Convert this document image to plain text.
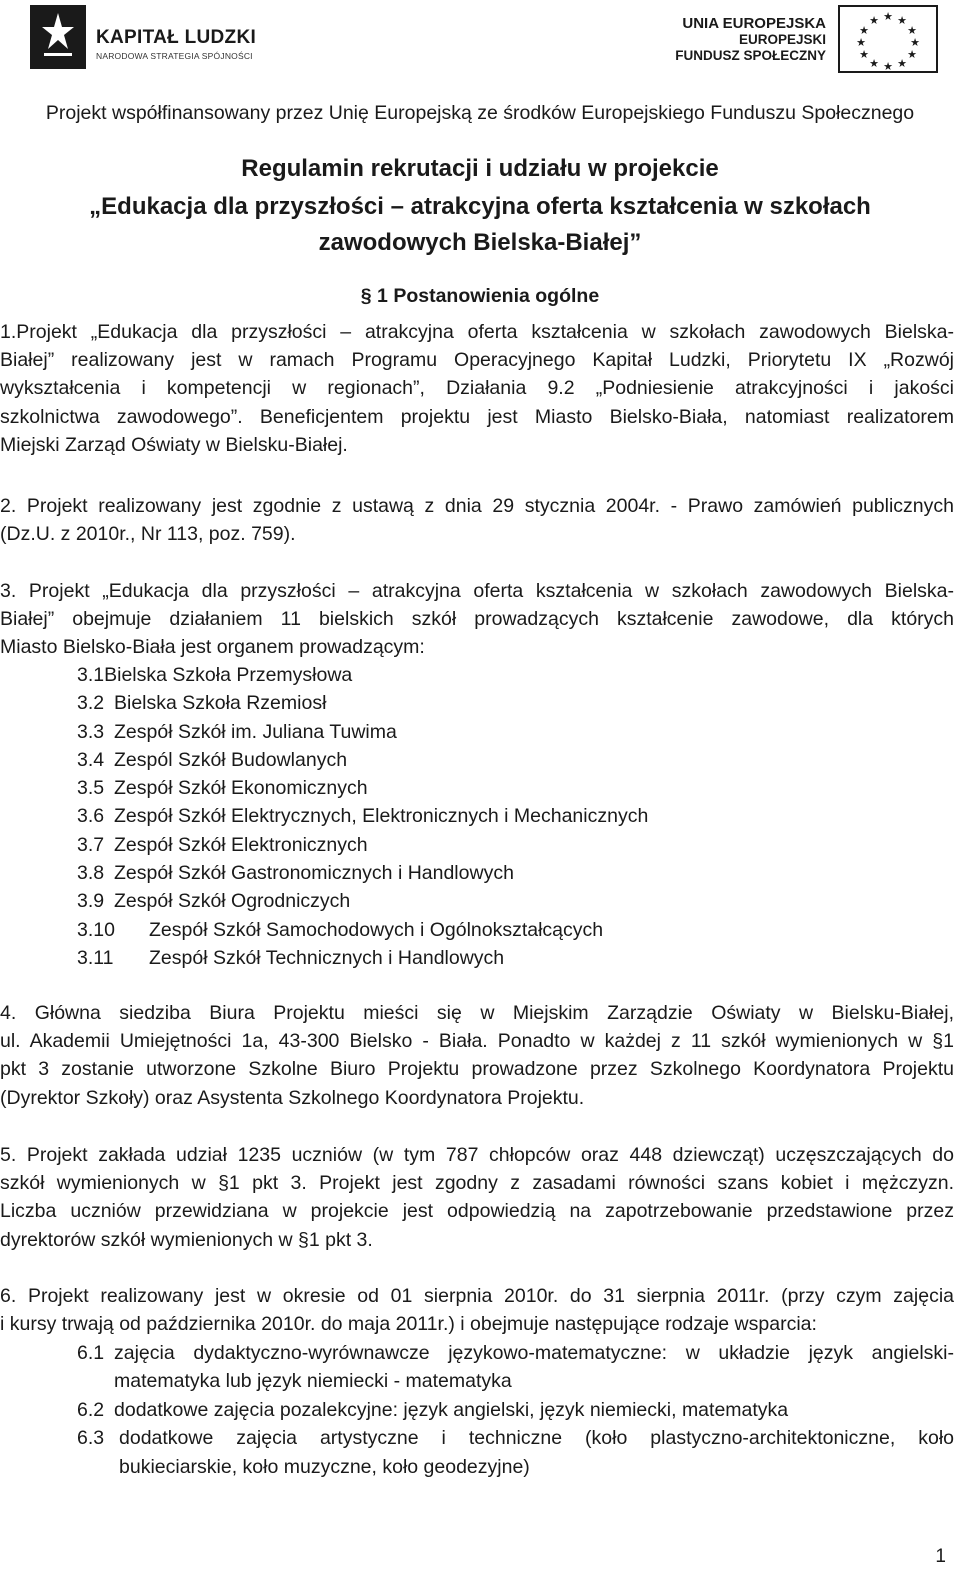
KAPITAŁ LUDZKI
NARODOWA STRATEGIA SPÓJNOŚCI
UNIA EUROPEJSKA
EUROPEJSKI
FUNDUSZ SPOŁECZNY
★ ★
★
★
★
★
★
★
★
★
★
★
Projekt współfinansowany przez Unię Europejską ze środków Europejskiego Funduszu Społecznego
Regulamin rekrutacji i udziału w projekcie
„Edukacja dla przyszłości – atrakcyjna oferta kształcenia w szkołach
zawodowych Bielska-Białej”
§ 1 Postanowienia ogólne
1.Projekt „Edukacja dla przyszłości – atrakcyjna oferta kształcenia w szkołach zawodowych Bielska-
Białej” realizowany jest w ramach Programu Operacyjnego Kapitał Ludzki, Priorytetu IX „Rozwój
wykształcenia i kompetencji w regionach”, Działania 9.2 „Podniesienie atrakcyjności i jakości
szkolnictwa zawodowego”. Beneficjentem projektu jest Miasto Bielsko-Biała, natomiast realizatorem
Miejski Zarząd Oświaty w Bielsku-Białej.
2. Projekt realizowany jest zgodnie z ustawą z dnia 29 stycznia 2004r. - Prawo zamówień publicznych
(Dz.U. z 2010r., Nr 113, poz. 759).
3. Projekt „Edukacja dla przyszłości – atrakcyjna oferta kształcenia w szkołach zawodowych Bielska-
Białej” obejmuje działaniem 11 bielskich szkół prowadzących kształcenie zawodowe, dla których
Miasto Bielsko-Biała jest organem prowadzącym:
3.1Bielska Szkoła Przemysłowa
3.2 Bielska Szkoła Rzemiosł
3.3 Zespół Szkół im. Juliana Tuwima
3.4 Zespól Szkół Budowlanych
3.5 Zespół Szkół Ekonomicznych
3.6 Zespół Szkół Elektrycznych, Elektronicznych i Mechanicznych
3.7 Zespół Szkół Elektronicznych
3.8 Zespół Szkół Gastronomicznych i Handlowych
3.9 Zespół Szkół Ogrodniczych
3.10 Zespół Szkół Samochodowych i Ogólnokształcących
3.11 Zespół Szkół Technicznych i Handlowych
4. Główna siedziba Biura Projektu mieści się w Miejskim Zarządzie Oświaty w Bielsku-Białej,
ul. Akademii Umiejętności 1a, 43-300 Bielsko - Biała. Ponadto w każdej z 11 szkół wymienionych w §1
pkt 3 zostanie utworzone Szkolne Biuro Projektu prowadzone przez Szkolnego Koordynatora Projektu
(Dyrektor Szkoły) oraz Asystenta Szkolnego Koordynatora Projektu.
5. Projekt zakłada udział 1235 uczniów (w tym 787 chłopców oraz 448 dziewcząt) uczęszczających do
szkół wymienionych w §1 pkt 3. Projekt jest zgodny z zasadami równości szans kobiet i mężczyzn.
Liczba uczniów przewidziana w projekcie jest odpowiedzią na zapotrzebowanie przedstawione przez
dyrektorów szkół wymienionych w §1 pkt 3.
6. Projekt realizowany jest w okresie od 01 sierpnia 2010r. do 31 sierpnia 2011r. (przy czym zajęcia
i kursy trwają od października 2010r. do maja 2011r.) i obejmuje następujące rodzaje wsparcia:
6.1 zajęcia dydaktyczno-wyrównawcze językowo-matematyczne: w układzie język angielski-
matematyka lub język niemiecki - matematyka
6.2 dodatkowe zajęcia pozalekcyjne: język angielski, język niemiecki, matematyka
6.3 dodatkowe zajęcia artystyczne i techniczne (koło plastyczno-architektoniczne, koło
bukieciarskie, koło muzyczne, koło geodezyjne)
1
